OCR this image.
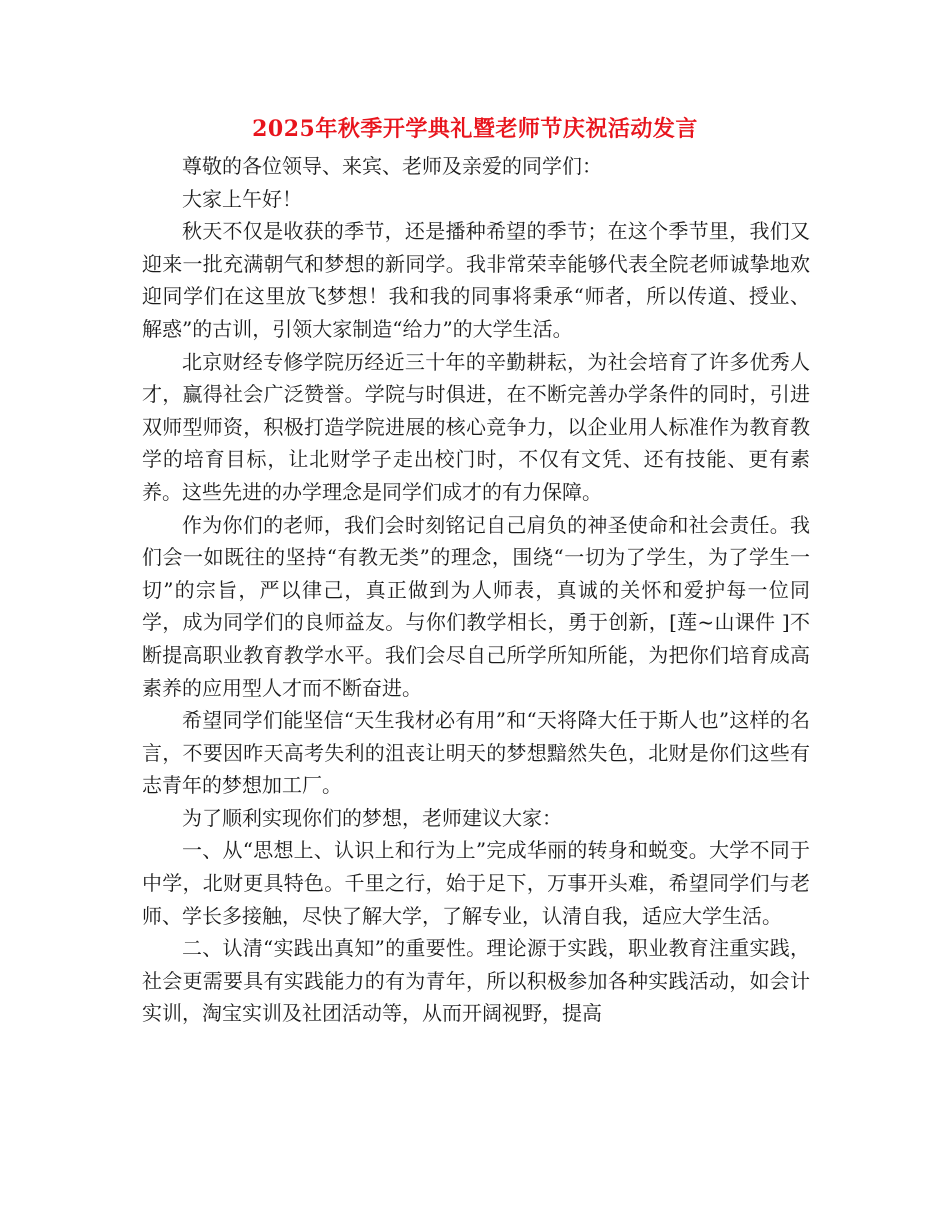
2025年秋季开学典礼暨老师节庆祝活动发言

尊敬的各位领导、来宾、老师及亲爱的同学们：

大家上午好！

秋天不仅是收获的季节，还是播种希望的季节；在这个季节里，我们又迎来一批充满朝气和梦想的新同学。我非常荣幸能够代表全院老师诚挚地欢迎同学们在这里放飞梦想！我和我的同事将秉承“师者，所以传道、授业、解惑”的古训，引领大家制造“给力”的大学生活。

北京财经专修学院历经近三十年的辛勤耕耘，为社会培育了许多优秀人才，赢得社会广泛赞誉。学院与时俱进，在不断完善办学条件的同时，引进双师型师资，积极打造学院进展的核心竞争力，以企业用人标准作为教育教学的培育目标，让北财学子走出校门时，不仅有文凭、还有技能、更有素养。这些先进的办学理念是同学们成才的有力保障。

作为你们的老师，我们会时刻铭记自己肩负的神圣使命和社会责任。我们会一如既往的坚持“有教无类”的理念，围绕“一切为了学生，为了学生一切”的宗旨，严以律己，真正做到为人师表，真诚的关怀和爱护每一位同学，成为同学们的良师益友。与你们教学相长，勇于创新，[莲~山课件 ]不断提高职业教育教学水平。我们会尽自己所学所知所能，为把你们培育成高素养的应用型人才而不断奋进。

希望同学们能坚信“天生我材必有用”和“天将降大任于斯人也”这样的名言，不要因昨天高考失利的沮丧让明天的梦想黯然失色，北财是你们这些有志青年的梦想加工厂。

为了顺利实现你们的梦想，老师建议大家：

一、从“思想上、认识上和行为上”完成华丽的转身和蜕变。大学不同于中学，北财更具特色。千里之行，始于足下，万事开头难，希望同学们与老师、学长多接触，尽快了解大学，了解专业，认清自我，适应大学生活。

二、认清“实践出真知”的重要性。理论源于实践，职业教育注重实践，社会更需要具有实践能力的有为青年，所以积极参加各种实践活动，如会计实训，淘宝实训及社团活动等，从而开阔视野，提高
